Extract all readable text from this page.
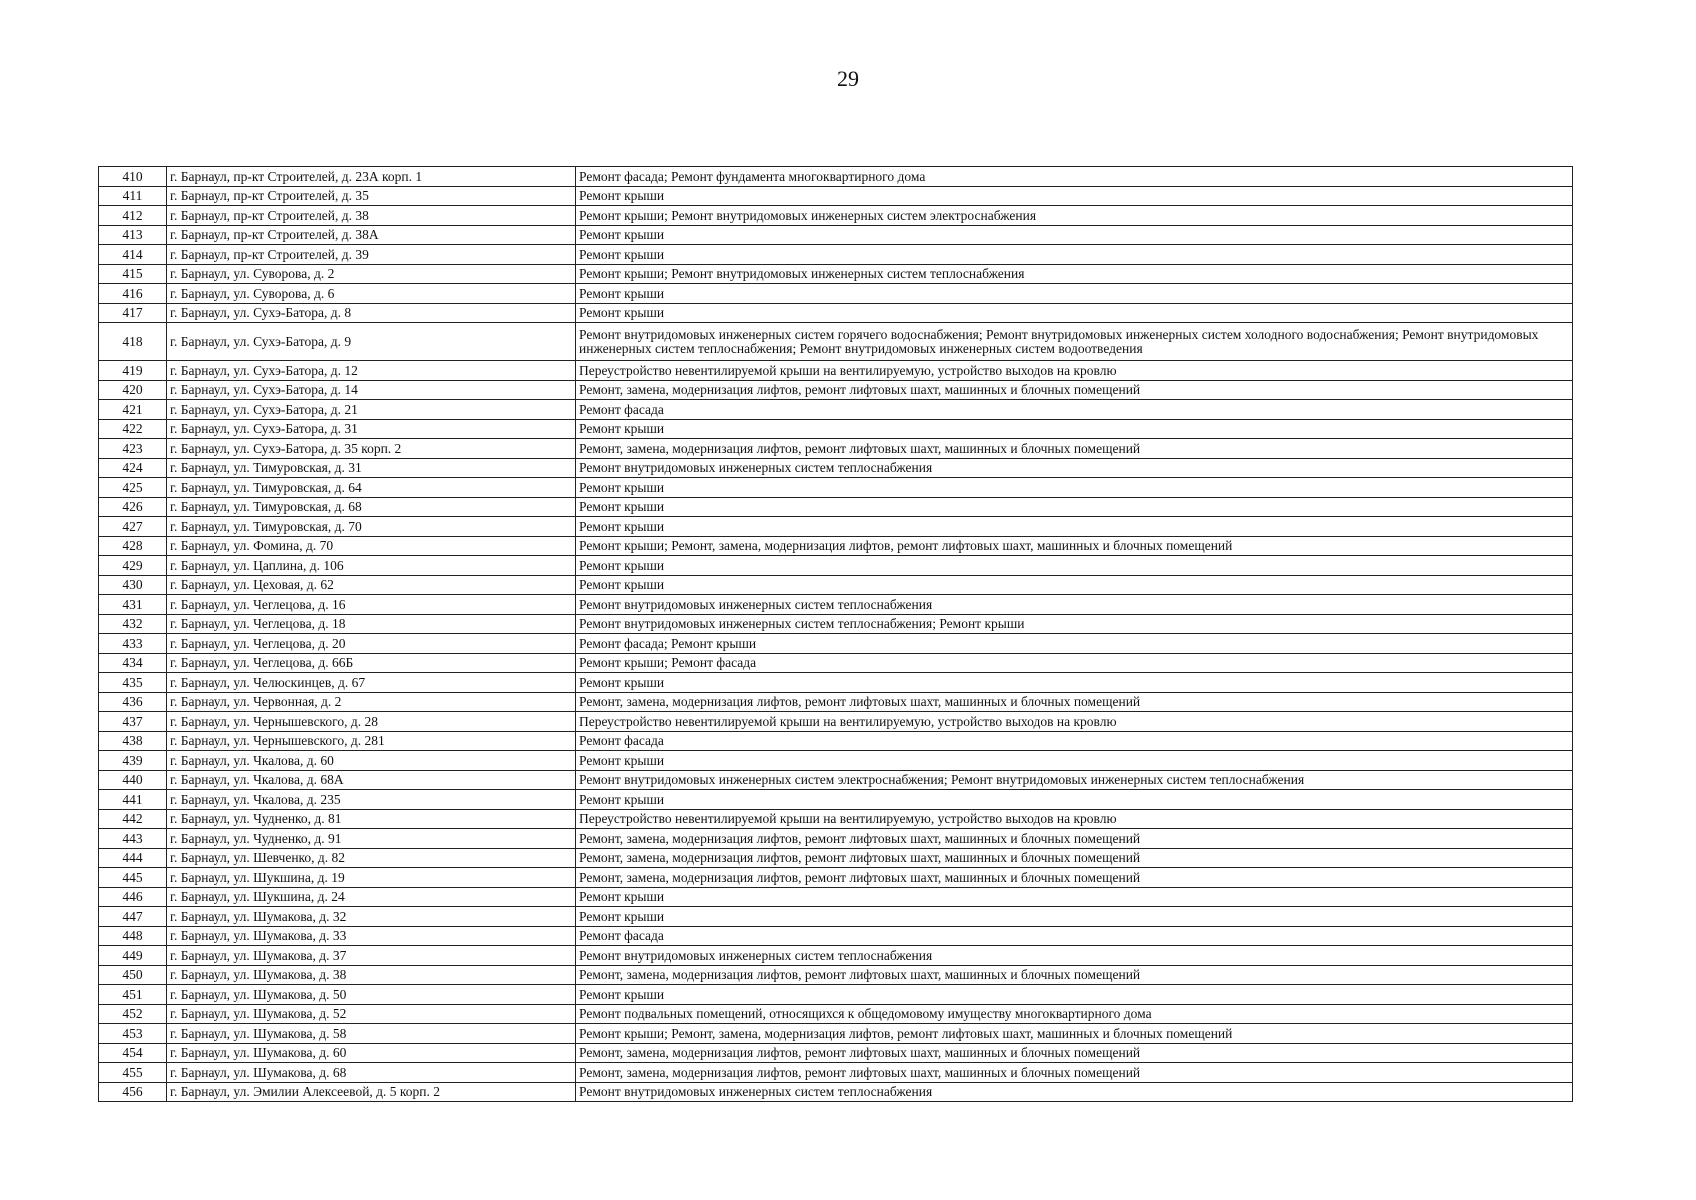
29
410	г. Барнаул, пр-кт Строителей, д. 23А корп. 1	Ремонт фасада; Ремонт фундамента многоквартирного дома
411	г. Барнаул, пр-кт Строителей, д. 35	Ремонт крыши
412	г. Барнаул, пр-кт Строителей, д. 38	Ремонт крыши; Ремонт внутридомовых инженерных систем электроснабжения
413	г. Барнаул, пр-кт Строителей, д. 38А	Ремонт крыши
414	г. Барнаул, пр-кт Строителей, д. 39	Ремонт крыши
415	г. Барнаул, ул. Суворова, д. 2	Ремонт крыши; Ремонт внутридомовых инженерных систем теплоснабжения
416	г. Барнаул, ул. Суворова, д. 6	Ремонт крыши
417	г. Барнаул, ул. Сухэ-Батора, д. 8	Ремонт крыши
418	г. Барнаул, ул. Сухэ-Батора, д. 9	Ремонт внутридомовых инженерных систем горячего водоснабжения; Ремонт внутридомовых инженерных систем холодного водоснабжения; Ремонт внутридомовых инженерных систем теплоснабжения; Ремонт внутридомовых инженерных систем водоотведения
419	г. Барнаул, ул. Сухэ-Батора, д. 12	Переустройство невентилируемой крыши на вентилируемую, устройство выходов на кровлю
420	г. Барнаул, ул. Сухэ-Батора, д. 14	Ремонт, замена, модернизация лифтов, ремонт лифтовых шахт, машинных и блочных помещений
421	г. Барнаул, ул. Сухэ-Батора, д. 21	Ремонт фасада
422	г. Барнаул, ул. Сухэ-Батора, д. 31	Ремонт крыши
423	г. Барнаул, ул. Сухэ-Батора, д. 35 корп. 2	Ремонт, замена, модернизация лифтов, ремонт лифтовых шахт, машинных и блочных помещений
424	г. Барнаул, ул. Тимуровская, д. 31	Ремонт внутридомовых инженерных систем теплоснабжения
425	г. Барнаул, ул. Тимуровская, д. 64	Ремонт крыши
426	г. Барнаул, ул. Тимуровская, д. 68	Ремонт крыши
427	г. Барнаул, ул. Тимуровская, д. 70	Ремонт крыши
428	г. Барнаул, ул. Фомина, д. 70	Ремонт крыши; Ремонт, замена, модернизация лифтов, ремонт лифтовых шахт, машинных и блочных помещений
429	г. Барнаул, ул. Цаплина, д. 106	Ремонт крыши
430	г. Барнаул, ул. Цеховая, д. 62	Ремонт крыши
431	г. Барнаул, ул. Чеглецова, д. 16	Ремонт внутридомовых инженерных систем теплоснабжения
432	г. Барнаул, ул. Чеглецова, д. 18	Ремонт внутридомовых инженерных систем теплоснабжения; Ремонт крыши
433	г. Барнаул, ул. Чеглецова, д. 20	Ремонт фасада; Ремонт крыши
434	г. Барнаул, ул. Чеглецова, д. 66Б	Ремонт крыши; Ремонт фасада
435	г. Барнаул, ул. Челюскинцев, д. 67	Ремонт крыши
436	г. Барнаул, ул. Червонная, д. 2	Ремонт, замена, модернизация лифтов, ремонт лифтовых шахт, машинных и блочных помещений
437	г. Барнаул, ул. Чернышевского, д. 28	Переустройство невентилируемой крыши на вентилируемую, устройство выходов на кровлю
438	г. Барнаул, ул. Чернышевского, д. 281	Ремонт фасада
439	г. Барнаул, ул. Чкалова, д. 60	Ремонт крыши
440	г. Барнаул, ул. Чкалова, д. 68А	Ремонт внутридомовых инженерных систем электроснабжения; Ремонт внутридомовых инженерных систем теплоснабжения
441	г. Барнаул, ул. Чкалова, д. 235	Ремонт крыши
442	г. Барнаул, ул. Чудненко, д. 81	Переустройство невентилируемой крыши на вентилируемую, устройство выходов на кровлю
443	г. Барнаул, ул. Чудненко, д. 91	Ремонт, замена, модернизация лифтов, ремонт лифтовых шахт, машинных и блочных помещений
444	г. Барнаул, ул. Шевченко, д. 82	Ремонт, замена, модернизация лифтов, ремонт лифтовых шахт, машинных и блочных помещений
445	г. Барнаул, ул. Шукшина, д. 19	Ремонт, замена, модернизация лифтов, ремонт лифтовых шахт, машинных и блочных помещений
446	г. Барнаул, ул. Шукшина, д. 24	Ремонт крыши
447	г. Барнаул, ул. Шумакова, д. 32	Ремонт крыши
448	г. Барнаул, ул. Шумакова, д. 33	Ремонт фасада
449	г. Барнаул, ул. Шумакова, д. 37	Ремонт внутридомовых инженерных систем теплоснабжения
450	г. Барнаул, ул. Шумакова, д. 38	Ремонт, замена, модернизация лифтов, ремонт лифтовых шахт, машинных и блочных помещений
451	г. Барнаул, ул. Шумакова, д. 50	Ремонт крыши
452	г. Барнаул, ул. Шумакова, д. 52	Ремонт подвальных помещений, относящихся к общедомовому имуществу многоквартирного дома
453	г. Барнаул, ул. Шумакова, д. 58	Ремонт крыши; Ремонт, замена, модернизация лифтов, ремонт лифтовых шахт, машинных и блочных помещений
454	г. Барнаул, ул. Шумакова, д. 60	Ремонт, замена, модернизация лифтов, ремонт лифтовых шахт, машинных и блочных помещений
455	г. Барнаул, ул. Шумакова, д. 68	Ремонт, замена, модернизация лифтов, ремонт лифтовых шахт, машинных и блочных помещений
456	г. Барнаул, ул. Эмилии Алексеевой, д. 5 корп. 2	Ремонт внутридомовых инженерных систем теплоснабжения
